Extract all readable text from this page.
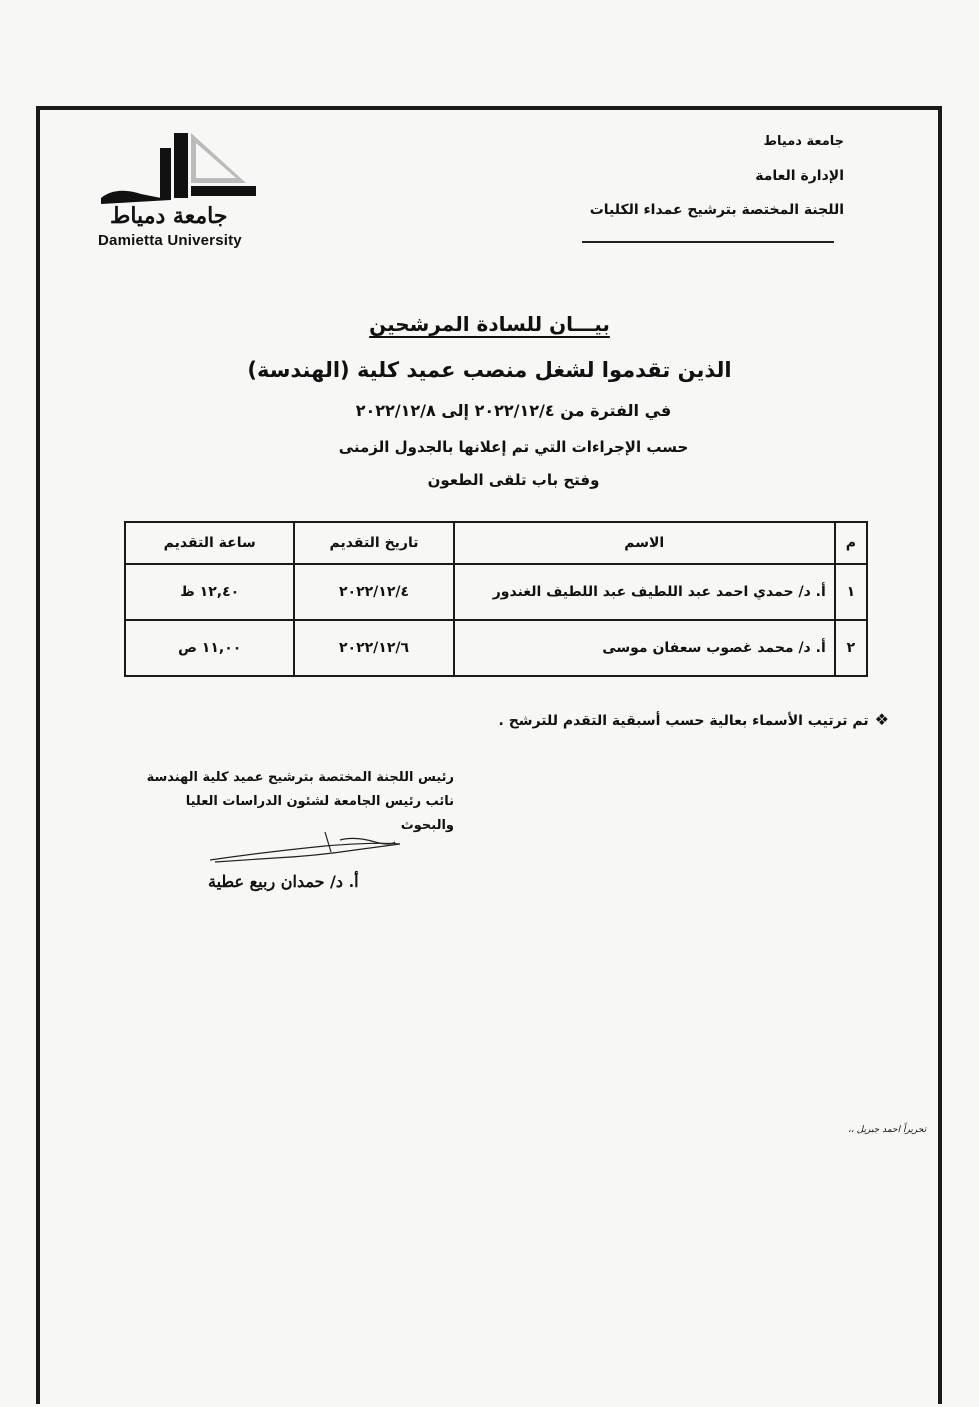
جامعة دمياط
الإدارة العامة
اللجنة المختصة بترشيح عمداء الكليات
جامعة دمياط
Damietta University
بيـــان للسادة المرشحين
الذين تقدموا لشغل منصب عميد كلية (الهندسة)
في الفترة من ٢٠٢٢/١٢/٤ إلى ٢٠٢٢/١٢/٨
حسب الإجراءات التي تم إعلانها بالجدول الزمنى
وفتح باب تلقى الطعون
م	الاسم	تاريخ التقديم	ساعة التقديم
١	أ. د/ حمدي احمد عبد اللطيف عبد اللطيف الغندور	٢٠٢٢/١٢/٤	١٢,٤٠ ظ
٢	أ. د/ محمد غصوب سعفان موسى	٢٠٢٢/١٢/٦	١١,٠٠ ص
❖تم ترتيب الأسماء بعالية حسب أسبقية التقدم للترشح .
رئيس اللجنة المختصة بترشيح عميد كلية الهندسة
نائب رئيس الجامعة لشئون الدراسات العليا والبحوث
أ. د/ حمدان ربيع عطية
تحريراً احمد جبريل ،،
